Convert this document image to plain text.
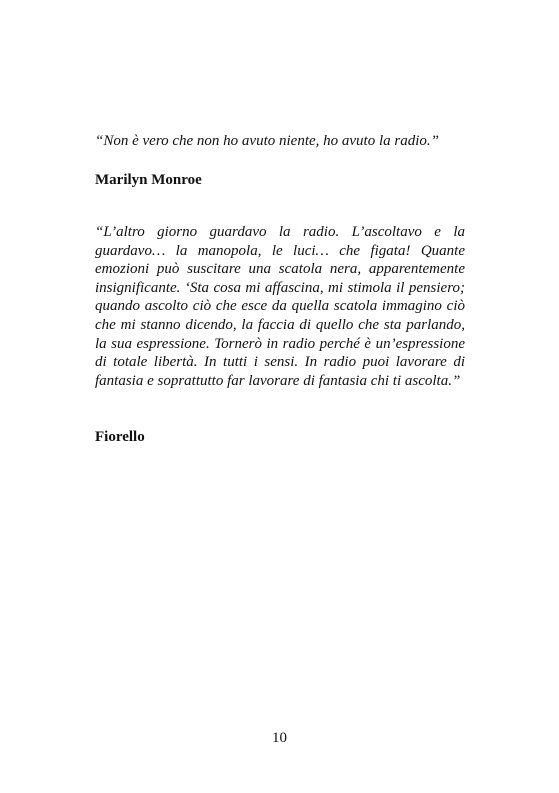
“Non è vero che non ho avuto niente, ho avuto la radio.”

Marilyn Monroe

“L’altro giorno guardavo la radio. L’ascoltavo e la guardavo… la manopola, le luci… che figata! Quante emozioni può suscitare una scatola nera, apparentemente insignificante. ‘Sta cosa mi affascina, mi stimola il pensiero; quando ascolto ciò che esce da quella scatola immagino ciò che mi stanno dicendo, la faccia di quello che sta parlando, la sua espressione. Tornerò in radio perché è un’espressione di totale libertà. In tutti i sensi. In radio puoi lavorare di fantasia e soprattutto far lavorare di fantasia chi ti ascolta.”

Fiorello

10
